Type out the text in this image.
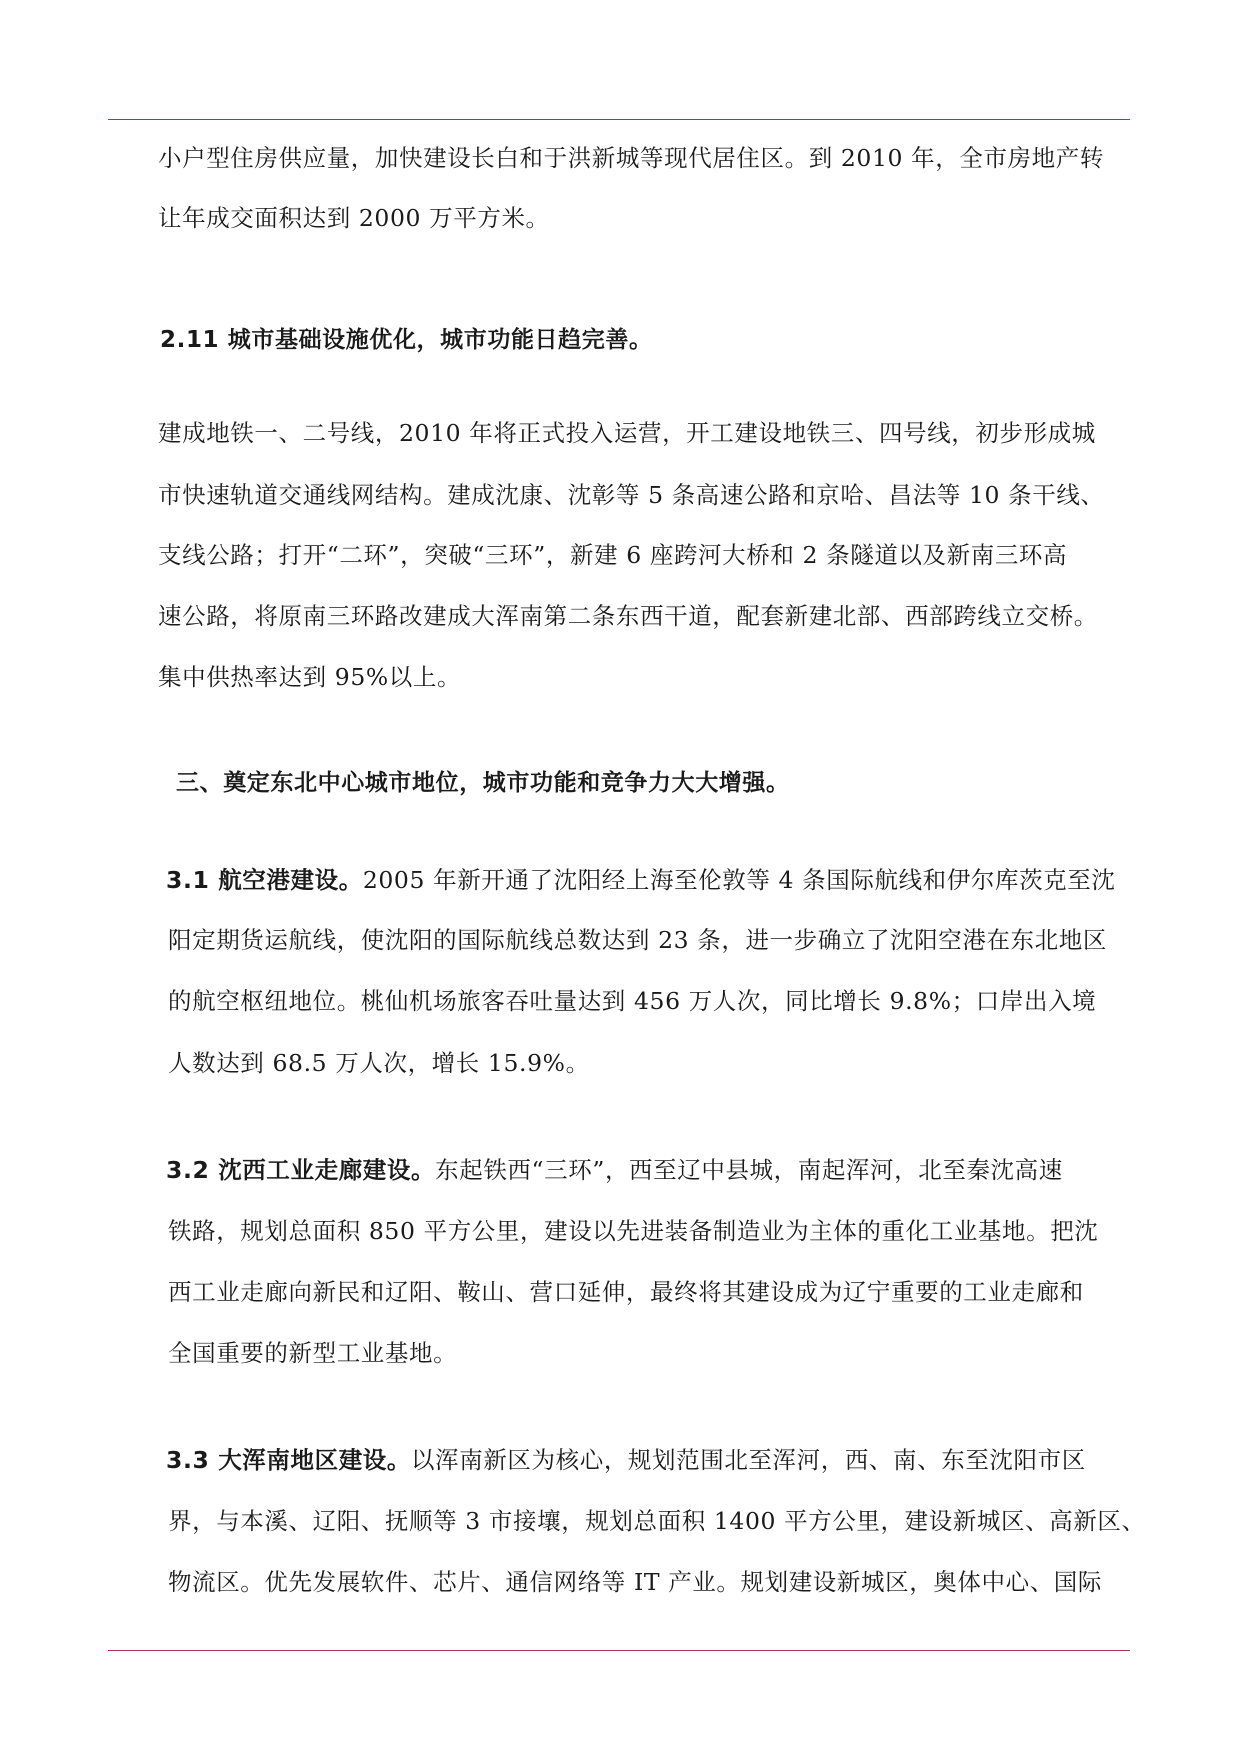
小户型住房供应量，加快建设长白和于洪新城等现代居住区。到 2010 年，全市房地产转
让年成交面积达到 2000 万平方米。
2.11 城市基础设施优化，城市功能日趋完善。
建成地铁一、二号线，2010 年将正式投入运营，开工建设地铁三、四号线，初步形成城
市快速轨道交通线网结构。建成沈康、沈彰等 5 条高速公路和京哈、昌法等 10 条干线、
支线公路；打开“二环”，突破“三环”，新建 6 座跨河大桥和 2 条隧道以及新南三环高
速公路，将原南三环路改建成大浑南第二条东西干道，配套新建北部、西部跨线立交桥。
集中供热率达到 95%以上。
三、奠定东北中心城市地位，城市功能和竞争力大大增强。
3.1 航空港建设。2005 年新开通了沈阳经上海至伦敦等 4 条国际航线和伊尔库茨克至沈
阳定期货运航线，使沈阳的国际航线总数达到 23 条，进一步确立了沈阳空港在东北地区
的航空枢纽地位。桃仙机场旅客吞吐量达到 456 万人次，同比增长 9.8%；口岸出入境
人数达到 68.5 万人次，增长 15.9%。
3.2 沈西工业走廊建设。东起铁西“三环”，西至辽中县城，南起浑河，北至秦沈高速
铁路，规划总面积 850 平方公里，建设以先进装备制造业为主体的重化工业基地。把沈
西工业走廊向新民和辽阳、鞍山、营口延伸，最终将其建设成为辽宁重要的工业走廊和
全国重要的新型工业基地。
3.3 大浑南地区建设。以浑南新区为核心，规划范围北至浑河，西、南、东至沈阳市区
界，与本溪、辽阳、抚顺等 3 市接壤，规划总面积 1400 平方公里，建设新城区、高新区、
物流区。优先发展软件、芯片、通信网络等 IT 产业。规划建设新城区，奥体中心、国际
